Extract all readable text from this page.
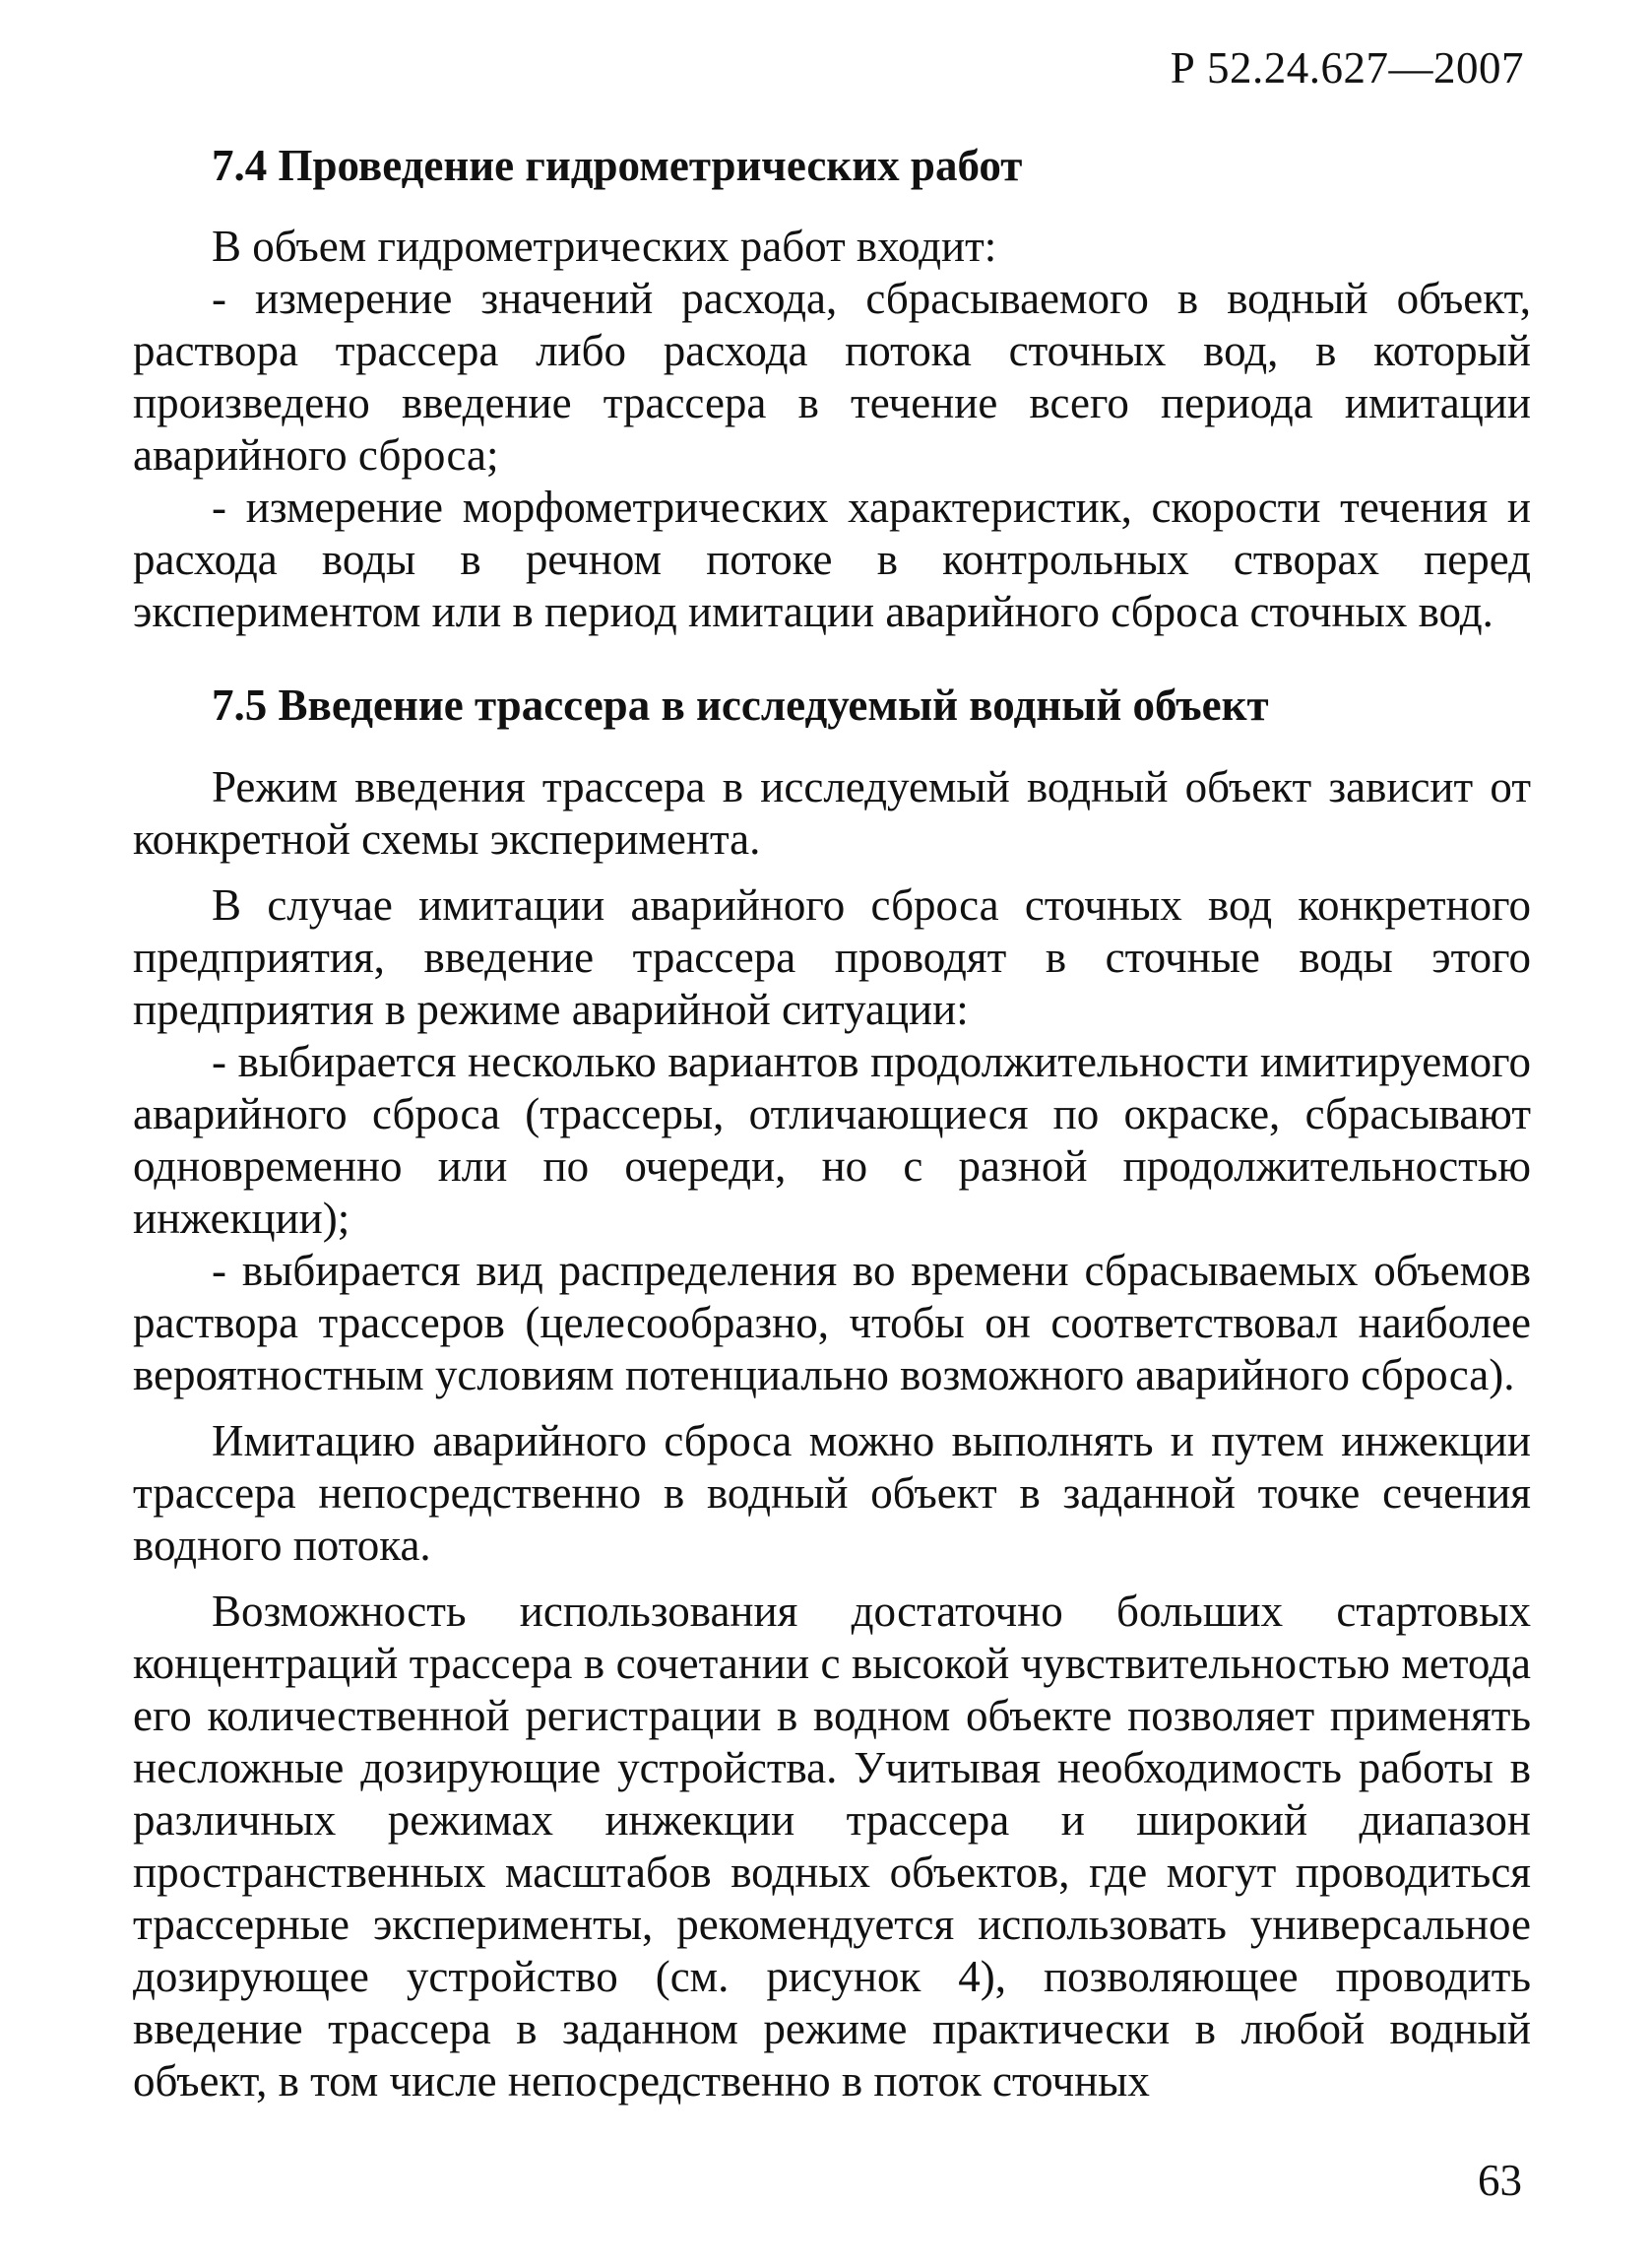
Р 52.24.627—2007
7.4 Проведение гидрометрических работ

В объем гидрометрических работ входит:

- измерение значений расхода, сбрасываемого в водный объект, раствора трассера либо расхода потока сточных вод, в который произведено введение трассера в течение всего периода имитации аварийного сброса;

- измерение морфометрических характеристик, скорости течения и расхода воды в речном потоке в контрольных створах перед экспериментом или в период имитации аварийного сброса сточных вод.

7.5 Введение трассера в исследуемый водный объект

Режим введения трассера в исследуемый водный объект зависит от конкретной схемы эксперимента.

В случае имитации аварийного сброса сточных вод конкретного предприятия, введение трассера проводят в сточные воды этого предприятия в режиме аварийной ситуации:

- выбирается несколько вариантов продолжительности имитируемого аварийного сброса (трассеры, отличающиеся по окраске, сбрасывают одновременно или по очереди, но с разной продолжительностью инжекции);

- выбирается вид распределения во времени сбрасываемых объемов раствора трассеров (целесообразно, чтобы он соответствовал наиболее вероятностным условиям потенциально возможного аварийного сброса).

Имитацию аварийного сброса можно выполнять и путем инжекции трассера непосредственно в водный объект в заданной точке сечения водного потока.

Возможность использования достаточно больших стартовых концентраций трассера в сочетании с высокой чувствительностью метода его количественной регистрации в водном объекте позволяет применять несложные дозирующие устройства. Учитывая необходимость работы в различных режимах инжекции трассера и широкий диапазон пространственных масштабов водных объектов, где могут проводиться трассерные эксперименты, рекомендуется использовать универсальное дозирующее устройство (см. рисунок 4), позволяющее проводить введение трассера в заданном режиме практически в любой водный объект, в том числе непосредственно в поток сточных

63
